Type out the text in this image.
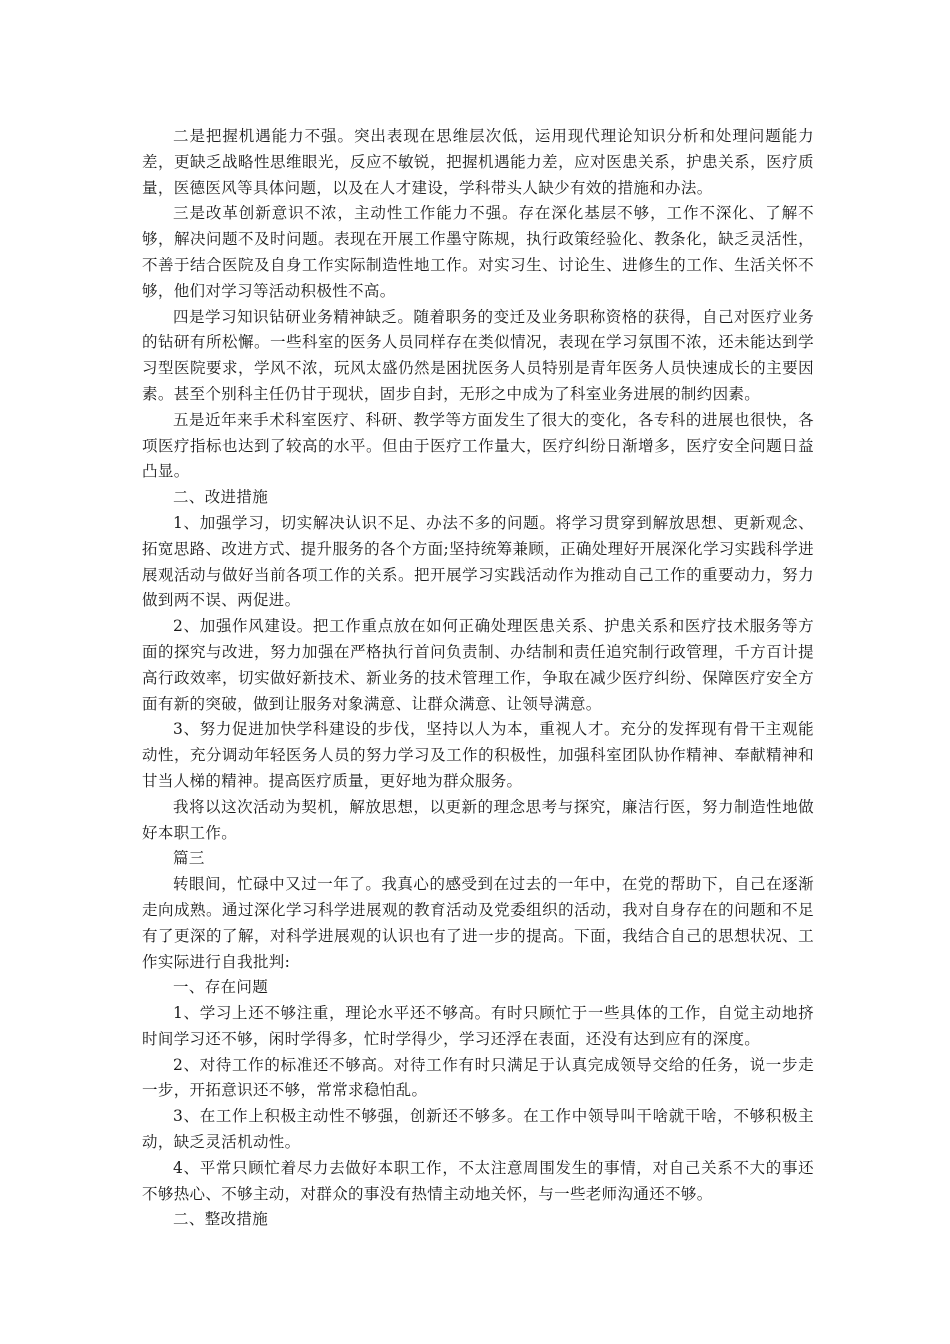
二是把握机遇能力不强。突出表现在思维层次低，运用现代理论知识分析和处理问题能力差，更缺乏战略性思维眼光，反应不敏锐，把握机遇能力差，应对医患关系，护患关系，医疗质量，医德医风等具体问题，以及在人才建设，学科带头人缺少有效的措施和办法。

三是改革创新意识不浓，主动性工作能力不强。存在深化基层不够，工作不深化、了解不够，解决问题不及时问题。表现在开展工作墨守陈规，执行政策经验化、教条化，缺乏灵活性，不善于结合医院及自身工作实际制造性地工作。对实习生、讨论生、进修生的工作、生活关怀不够，他们对学习等活动积极性不高。

四是学习知识钻研业务精神缺乏。随着职务的变迁及业务职称资格的获得，自己对医疗业务的钻研有所松懈。一些科室的医务人员同样存在类似情况，表现在学习氛围不浓，还未能达到学习型医院要求，学风不浓，玩风太盛仍然是困扰医务人员特别是青年医务人员快速成长的主要因素。甚至个别科主任仍甘于现状，固步自封，无形之中成为了科室业务进展的制约因素。

五是近年来手术科室医疗、科研、教学等方面发生了很大的变化，各专科的进展也很快，各项医疗指标也达到了较高的水平。但由于医疗工作量大，医疗纠纷日渐增多，医疗安全问题日益凸显。

二、改进措施

1、加强学习，切实解决认识不足、办法不多的问题。将学习贯穿到解放思想、更新观念、拓宽思路、改进方式、提升服务的各个方面;坚持统筹兼顾，正确处理好开展深化学习实践科学进展观活动与做好当前各项工作的关系。把开展学习实践活动作为推动自己工作的重要动力，努力做到两不误、两促进。

2、加强作风建设。把工作重点放在如何正确处理医患关系、护患关系和医疗技术服务等方面的探究与改进，努力加强在严格执行首问负责制、办结制和责任追究制行政管理，千方百计提高行政效率，切实做好新技术、新业务的技术管理工作，争取在减少医疗纠纷、保障医疗安全方面有新的突破，做到让服务对象满意、让群众满意、让领导满意。

3、努力促进加快学科建设的步伐，坚持以人为本，重视人才。充分的发挥现有骨干主观能动性，充分调动年轻医务人员的努力学习及工作的积极性，加强科室团队协作精神、奉献精神和甘当人梯的精神。提高医疗质量，更好地为群众服务。

我将以这次活动为契机，解放思想，以更新的理念思考与探究，廉洁行医，努力制造性地做好本职工作。

篇三

转眼间，忙碌中又过一年了。我真心的感受到在过去的一年中，在党的帮助下，自己在逐渐走向成熟。通过深化学习科学进展观的教育活动及党委组织的活动，我对自身存在的问题和不足有了更深的了解，对科学进展观的认识也有了进一步的提高。下面，我结合自己的思想状况、工作实际进行自我批判:

一、存在问题

1、学习上还不够注重，理论水平还不够高。有时只顾忙于一些具体的工作，自觉主动地挤时间学习还不够，闲时学得多，忙时学得少，学习还浮在表面，还没有达到应有的深度。

2、对待工作的标准还不够高。对待工作有时只满足于认真完成领导交给的任务，说一步走一步，开拓意识还不够，常常求稳怕乱。

3、在工作上积极主动性不够强，创新还不够多。在工作中领导叫干啥就干啥，不够积极主动，缺乏灵活机动性。

4、平常只顾忙着尽力去做好本职工作，不太注意周围发生的事情，对自己关系不大的事还不够热心、不够主动，对群众的事没有热情主动地关怀，与一些老师沟通还不够。

二、整改措施
